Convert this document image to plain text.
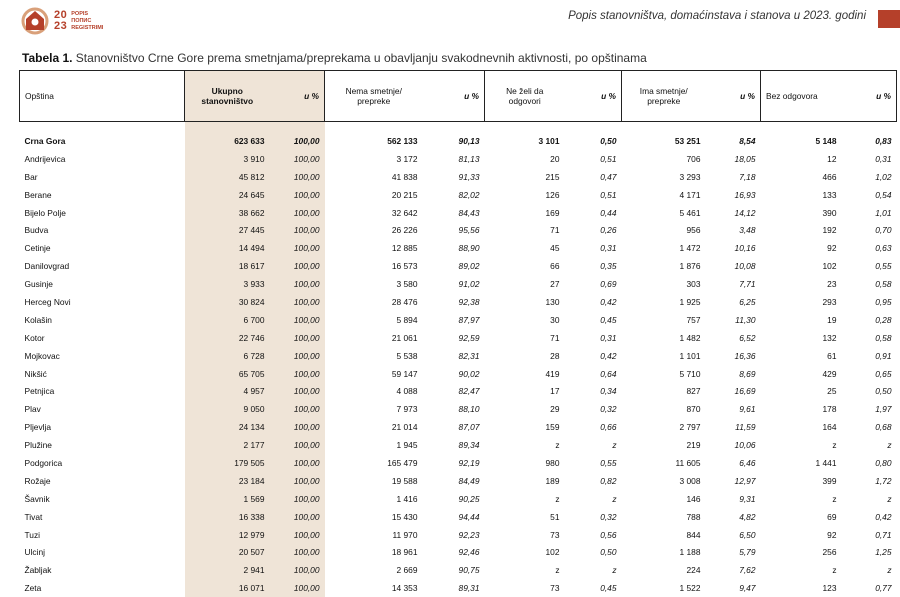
20
23
POPIS
ПОПИС
REGISTRIMI
Popis stanovništva, domaćinstava i stanova u 2023. godini
Tabela 1. Stanovništvo Crne Gore prema smetnjama/preprekama u obavljanju svakodnevnih aktivnosti, po opštinama
Opština	Ukupno stanovništvo	u %	Nema smetnje/ prepreke	u %	Ne želi da odgovori	u %	Ima smetnje/ prepreke	u %	Bez odgovora	u %

Crna Gora	623 633	100,00	562 133	90,13	3 101	0,50	53 251	8,54	5 148	0,83
Andrijevica	3 910	100,00	3 172	81,13	20	0,51	706	18,05	12	0,31
Bar	45 812	100,00	41 838	91,33	215	0,47	3 293	7,18	466	1,02
Berane	24 645	100,00	20 215	82,02	126	0,51	4 171	16,93	133	0,54
Bijelo Polje	38 662	100,00	32 642	84,43	169	0,44	5 461	14,12	390	1,01
Budva	27 445	100,00	26 226	95,56	71	0,26	956	3,48	192	0,70
Cetinje	14 494	100,00	12 885	88,90	45	0,31	1 472	10,16	92	0,63
Danilovgrad	18 617	100,00	16 573	89,02	66	0,35	1 876	10,08	102	0,55
Gusinje	3 933	100,00	3 580	91,02	27	0,69	303	7,71	23	0,58
Herceg Novi	30 824	100,00	28 476	92,38	130	0,42	1 925	6,25	293	0,95
Kolašin	6 700	100,00	5 894	87,97	30	0,45	757	11,30	19	0,28
Kotor	22 746	100,00	21 061	92,59	71	0,31	1 482	6,52	132	0,58
Mojkovac	6 728	100,00	5 538	82,31	28	0,42	1 101	16,36	61	0,91
Nikšić	65 705	100,00	59 147	90,02	419	0,64	5 710	8,69	429	0,65
Petnjica	4 957	100,00	4 088	82,47	17	0,34	827	16,69	25	0,50
Plav	9 050	100,00	7 973	88,10	29	0,32	870	9,61	178	1,97
Pljevlja	24 134	100,00	21 014	87,07	159	0,66	2 797	11,59	164	0,68
Plužine	2 177	100,00	1 945	89,34	z	z	219	10,06	z	z
Podgorica	179 505	100,00	165 479	92,19	980	0,55	11 605	6,46	1 441	0,80
Rožaje	23 184	100,00	19 588	84,49	189	0,82	3 008	12,97	399	1,72
Šavnik	1 569	100,00	1 416	90,25	z	z	146	9,31	z	z
Tivat	16 338	100,00	15 430	94,44	51	0,32	788	4,82	69	0,42
Tuzi	12 979	100,00	11 970	92,23	73	0,56	844	6,50	92	0,71
Ulcinj	20 507	100,00	18 961	92,46	102	0,50	1 188	5,79	256	1,25
Žabljak	2 941	100,00	2 669	90,75	z	z	224	7,62	z	z
Zeta	16 071	100,00	14 353	89,31	73	0,45	1 522	9,47	123	0,77
